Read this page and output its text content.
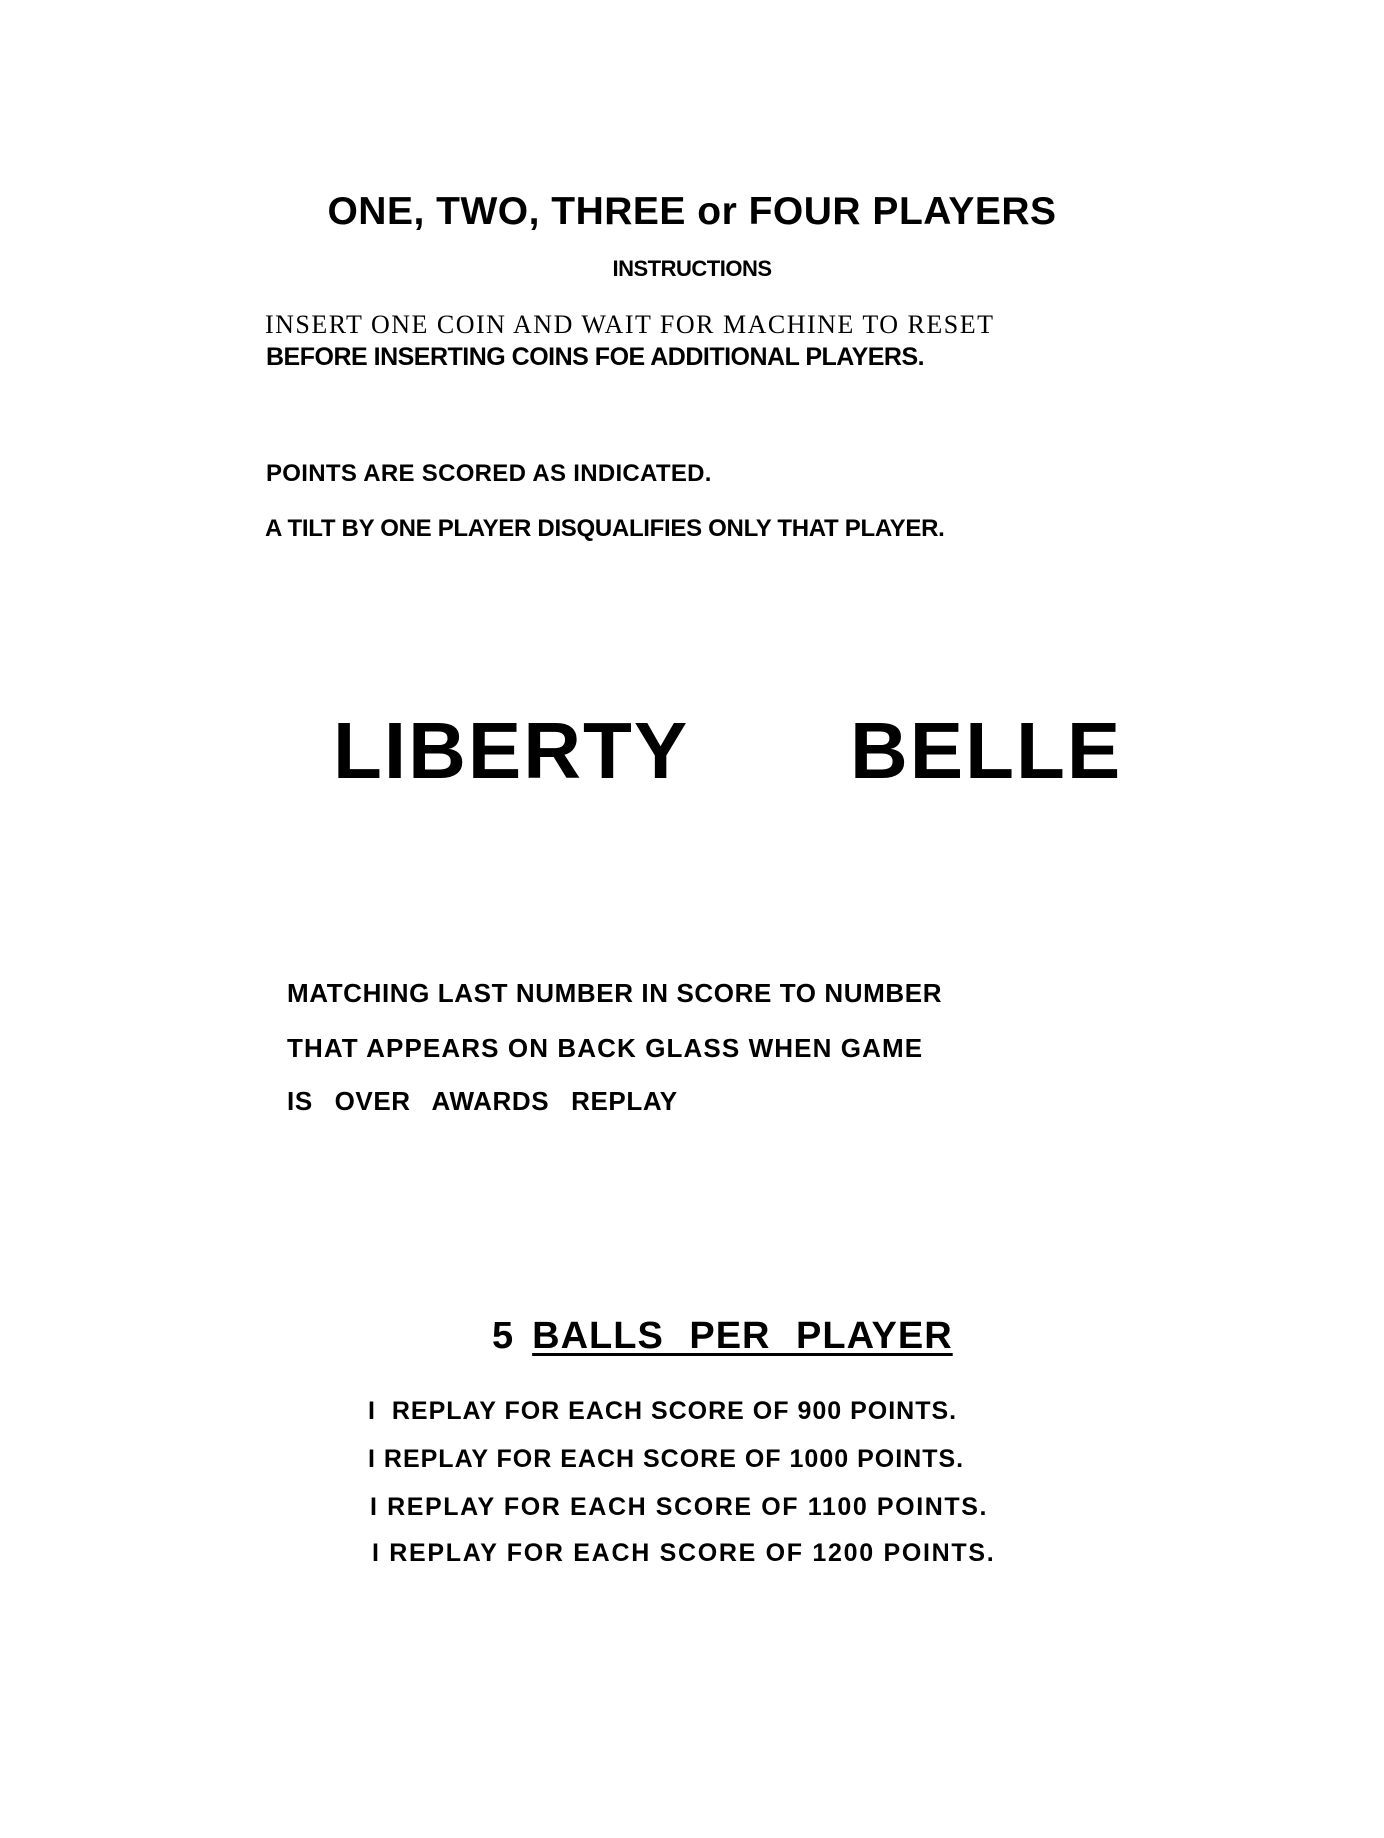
ONE, TWO, THREE or FOUR PLAYERS
INSTRUCTIONS
INSERT ONE COIN AND WAIT FOR MACHINE TO RESET
BEFORE INSERTING COINS FOE ADDITIONAL PLAYERS.
POINTS ARE SCORED AS INDICATED.
A TILT BY ONE PLAYER DISQUALIFIES ONLY THAT PLAYER.
LIBERTY BELLE
MATCHING LAST NUMBER IN SCORE TO NUMBER
THAT APPEARS ON BACK GLASS WHEN GAME
IS OVER AWARDS REPLAY
5 BALLS PER PLAYER
I  REPLAY FOR EACH SCORE OF 900 POINTS.
I REPLAY FOR EACH SCORE OF 1000 POINTS.
I REPLAY FOR EACH SCORE OF 1100 POINTS.
I REPLAY FOR EACH SCORE OF 1200 POINTS.
